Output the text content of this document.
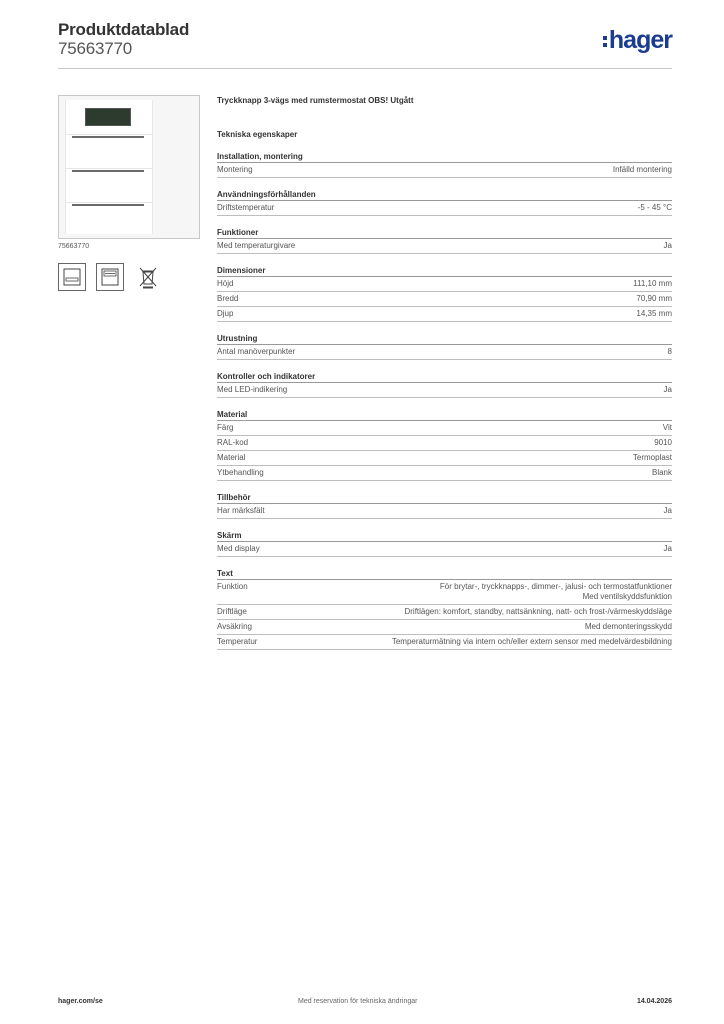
Produktdatablad
75663770	hager
75663770
Tryckknapp 3-vägs med rumstermostat OBS! Utgått
Tekniska egenskaper
Installation, montering
Montering	Infälld montering
Användningsförhållanden
Driftstemperatur	-5 - 45 °C
Funktioner
Med temperaturgivare	Ja
Dimensioner
Höjd	111,10 mm
Bredd	70,90 mm
Djup	14,35 mm
Utrustning
Antal manöverpunkter	8
Kontroller och indikatorer
Med LED-indikering	Ja
Material
Färg	Vit
RAL-kod	9010
Material	Termoplast
Ytbehandling	Blank
Tillbehör
Har märksfält	Ja
Skärm
Med display	Ja
Text
Funktion	För brytar-, tryckknapps-, dimmer-, jalusi- och termostatfunktioner
Med ventilskyddsfunktion
Driftläge	Driftlägen: komfort, standby, nattsänkning, natt- och frost-/värmeskyddsläge
Avsäkring	Med demonteringsskydd
Temperatur	Temperaturmätning via intern och/eller extern sensor med medelvärdesbildning
hager.com/se	Med reservation för tekniska ändringar	14.04.2026
